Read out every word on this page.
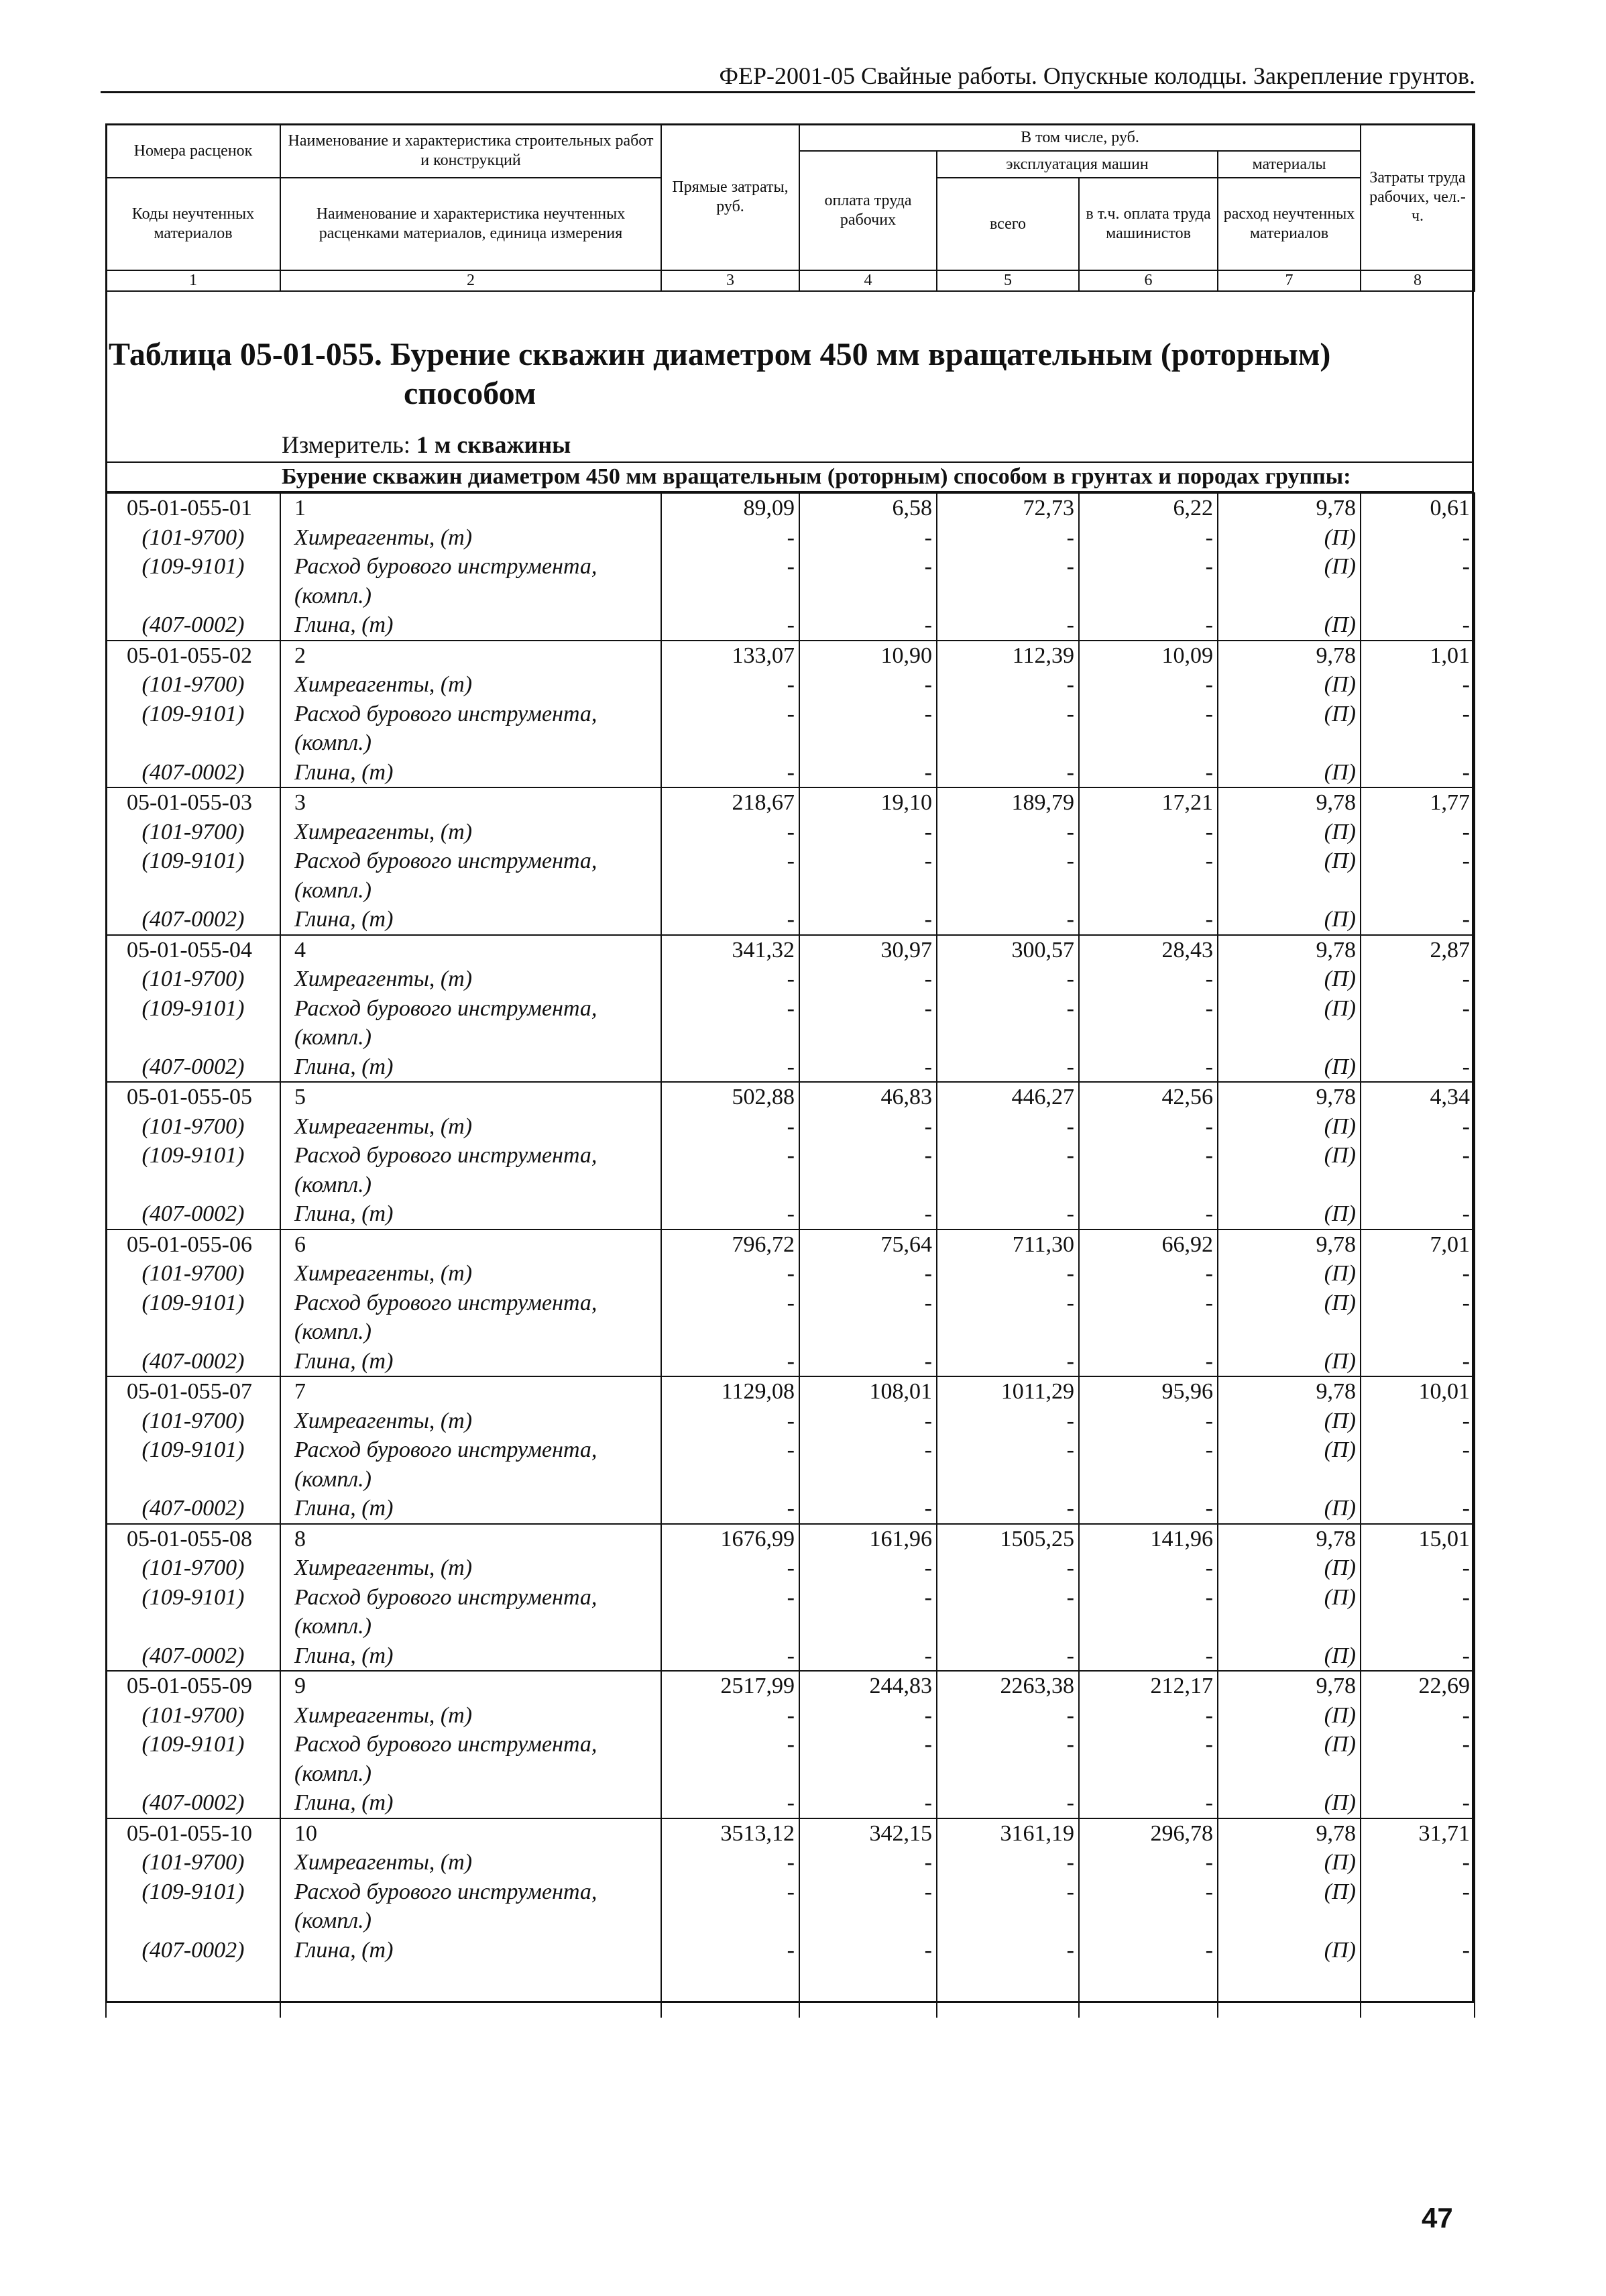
ФЕР-2001-05 Свайные работы. Опускные колодцы. Закрепление грунтов.
Номера расценок	Наименование и характеристика строительных работ и конструкций	Прямые затраты, руб.	В том числе, руб.				Затраты труда рабочих, чел.-ч.
			оплата труда рабочих	эксплуатация машин		материалы	
Коды неучтенных материалов	Наименование и характеристика неучтенных расценками материалов, единица измерения			всего	в т.ч. оплата труда машинистов	расход неучтенных материалов	

1	2	3	4	5	6	7	8
Таблица 05-01-055. Бурение скважин диаметром 450 мм вращательным (роторным)
способом
Измеритель: 1 м скважины
Бурение скважин диаметром 450 мм вращательным (роторным) способом в грунтах и породах группы:
05-01-055-01	1	89,09	6,58	72,73	6,22	9,78	0,61
(101-9700)	Химреагенты, (т)	-	-	-	-	(П)	-
(109-9101)	Расход бурового инструмента,	-	-	-	-	(П)	-
	(компл.)						
(407-0002)	Глина, (т)	-	-	-	-	(П)	-
05-01-055-02	2	133,07	10,90	112,39	10,09	9,78	1,01
(101-9700)	Химреагенты, (т)	-	-	-	-	(П)	-
(109-9101)	Расход бурового инструмента,	-	-	-	-	(П)	-
	(компл.)						
(407-0002)	Глина, (т)	-	-	-	-	(П)	-
05-01-055-03	3	218,67	19,10	189,79	17,21	9,78	1,77
(101-9700)	Химреагенты, (т)	-	-	-	-	(П)	-
(109-9101)	Расход бурового инструмента,	-	-	-	-	(П)	-
	(компл.)						
(407-0002)	Глина, (т)	-	-	-	-	(П)	-
05-01-055-04	4	341,32	30,97	300,57	28,43	9,78	2,87
(101-9700)	Химреагенты, (т)	-	-	-	-	(П)	-
(109-9101)	Расход бурового инструмента,	-	-	-	-	(П)	-
	(компл.)						
(407-0002)	Глина, (т)	-	-	-	-	(П)	-
05-01-055-05	5	502,88	46,83	446,27	42,56	9,78	4,34
(101-9700)	Химреагенты, (т)	-	-	-	-	(П)	-
(109-9101)	Расход бурового инструмента,	-	-	-	-	(П)	-
	(компл.)						
(407-0002)	Глина, (т)	-	-	-	-	(П)	-
05-01-055-06	6	796,72	75,64	711,30	66,92	9,78	7,01
(101-9700)	Химреагенты, (т)	-	-	-	-	(П)	-
(109-9101)	Расход бурового инструмента,	-	-	-	-	(П)	-
	(компл.)						
(407-0002)	Глина, (т)	-	-	-	-	(П)	-
05-01-055-07	7	1129,08	108,01	1011,29	95,96	9,78	10,01
(101-9700)	Химреагенты, (т)	-	-	-	-	(П)	-
(109-9101)	Расход бурового инструмента,	-	-	-	-	(П)	-
	(компл.)						
(407-0002)	Глина, (т)	-	-	-	-	(П)	-
05-01-055-08	8	1676,99	161,96	1505,25	141,96	9,78	15,01
(101-9700)	Химреагенты, (т)	-	-	-	-	(П)	-
(109-9101)	Расход бурового инструмента,	-	-	-	-	(П)	-
	(компл.)						
(407-0002)	Глина, (т)	-	-	-	-	(П)	-
05-01-055-09	9	2517,99	244,83	2263,38	212,17	9,78	22,69
(101-9700)	Химреагенты, (т)	-	-	-	-	(П)	-
(109-9101)	Расход бурового инструмента,	-	-	-	-	(П)	-
	(компл.)						
(407-0002)	Глина, (т)	-	-	-	-	(П)	-
05-01-055-10	10	3513,12	342,15	3161,19	296,78	9,78	31,71
(101-9700)	Химреагенты, (т)	-	-	-	-	(П)	-
(109-9101)	Расход бурового инструмента,	-	-	-	-	(П)	-
	(компл.)						
(407-0002)	Глина, (т)	-	-	-	-	(П)	-

47
